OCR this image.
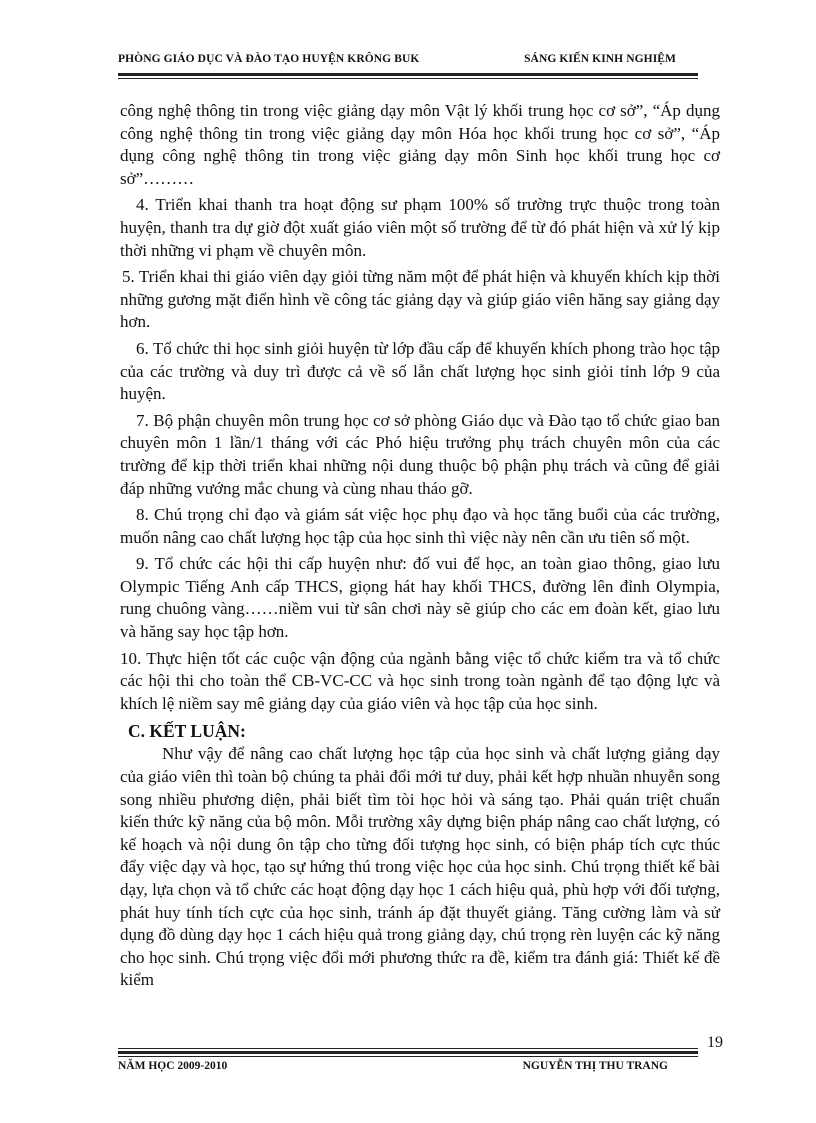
PHÒNG GIÁO DỤC VÀ ĐÀO TẠO HUYỆN KRÔNG BUK	SÁNG KIẾN KINH NGHIỆM

công nghệ thông tin trong việc giảng dạy môn Vật lý khối trung học cơ sở”, “Áp dụng công nghệ thông tin trong việc giảng dạy môn Hóa học khối trung học cơ sở”, “Áp dụng công nghệ thông tin trong việc giảng dạy môn Sinh học khối trung học cơ sở”………

4. Triển khai thanh tra hoạt động sư phạm 100% số trường trực thuộc trong toàn huyện, thanh tra dự giờ đột xuất giáo viên một số trường để từ đó phát hiện và xử lý kịp thời những vi phạm về chuyên môn.

5. Triển khai thi giáo viên dạy giỏi từng năm một để phát hiện và khuyến khích kịp thời những gương mặt điển hình về công tác giảng dạy và giúp giáo viên hăng say giảng dạy hơn.

6. Tổ chức thi học sinh giỏi huyện từ lớp đầu cấp để khuyến khích phong trào học tập của các trường và duy trì được cả về số lẫn chất lượng học sinh giỏi tỉnh lớp 9 của huyện.

7. Bộ phận chuyên môn trung học cơ sở phòng Giáo dục và Đào tạo tổ chức giao ban chuyên môn 1 lần/1 tháng với các Phó hiệu trưởng phụ trách chuyên môn của các trường để kịp thời triển khai những nội dung thuộc bộ phận phụ trách và cũng để giải đáp những vướng mắc chung và cùng nhau tháo gỡ.

8. Chú trọng chỉ đạo và giám sát việc học phụ đạo và học tăng buổi của các trường, muốn nâng cao chất lượng học tập của học sinh thì việc này nên cần ưu tiên số một.

9. Tổ chức các hội thi cấp huyện như: đố vui để học, an toàn giao thông, giao lưu Olympic Tiếng Anh cấp THCS, giọng hát hay khối THCS, đường lên đỉnh Olympia, rung chuông vàng……niềm vui từ sân chơi này sẽ giúp cho các em đoàn kết, giao lưu và hăng say học tập hơn.

10. Thực hiện tốt các cuộc vận động của ngành bằng việc tổ chức kiểm tra và tổ chức các hội thi cho toàn thể CB-VC-CC và học sinh trong toàn ngành để tạo động lực và khích lệ niềm say mê giảng dạy của giáo viên và học tập của học sinh.

C. KẾT LUẬN:

Như vậy để nâng cao chất lượng học tập của học sinh và chất lượng giảng dạy của giáo viên thì toàn bộ chúng ta phải đổi mới tư duy, phải kết hợp nhuần nhuyễn song song nhiều phương diện, phải biết tìm tòi học hỏi và sáng tạo. Phải quán triệt chuẩn kiến thức kỹ năng của bộ môn. Mỗi trường xây dựng biện pháp nâng cao chất lượng, có kế hoạch và nội dung ôn tập cho từng đối tượng học sinh, có biện pháp tích cực thúc đẩy việc dạy và học, tạo sự hứng thú trong việc học của học sinh. Chú trọng thiết kế bài dạy, lựa chọn và tổ chức các hoạt động dạy học 1 cách hiệu quả, phù hợp với đối tượng, phát huy tính tích cực của học sinh, tránh áp đặt thuyết giảng. Tăng cường làm và sử dụng đồ dùng dạy học 1 cách hiệu quả trong giảng dạy, chú trọng rèn luyện các kỹ năng cho học sinh. Chú trọng việc đổi mới phương thức ra đề, kiểm tra đánh giá: Thiết kế đề kiểm

19
NĂM HỌC 2009-2010	NGUYỄN THỊ THU TRANG
